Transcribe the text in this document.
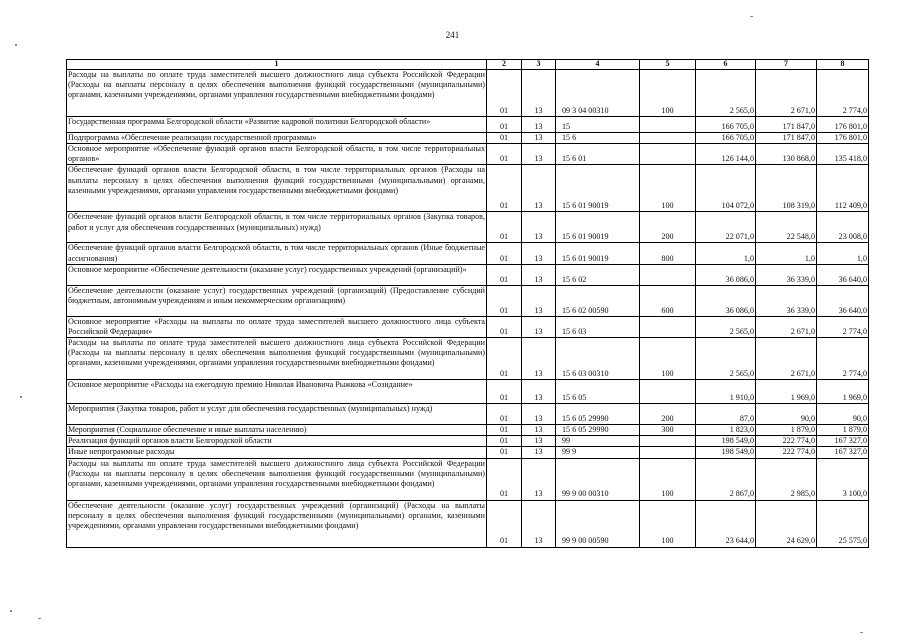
241
1	2	3	4	5	6	7	8
Расходы на выплаты по оплате труда заместителей высшего должностного лица субъекта Российской Федерации (Расходы на выплаты персоналу в целях обеспечения выполнения функций государственными (муниципальными) органами, казенными учреждениями, органами управления государственными внебюджетными фондами)	01	13	09 3 04 00310	100	2 565,0	2 671,0	2 774,0
Государственная программа Белгородской области «Развитие кадровой политики Белгородской области»	01	13	15		166 705,0	171 847,0	176 801,0
Подпрограмма «Обеспечение реализации государственной программы»	01	13	15 6		166 705,0	171 847,0	176 801,0
Основное мероприятие «Обеспечение функций органов власти Белгородской области, в том числе территориальных органов»	01	13	15 6 01		126 144,0	130 868,0	135 418,0
Обеспечение функций органов власти Белгородской области, в том числе территориальных органов (Расходы на выплаты персоналу в целях обеспечения выполнения функций государственными (муниципальными) органами, казенными учреждениями, органами управления государственными внебюджетными фондами)	01	13	15 6 01 90019	100	104 072,0	108 319,0	112 409,0
Обеспечение функций органов власти Белгородской области, в том числе территориальных органов (Закупка товаров, работ и услуг для обеспечения государственных (муниципальных) нужд)	01	13	15 6 01 90019	200	22 071,0	22 548,0	23 008,0
Обеспечение функций органов власти Белгородской области, в том числе территориальных органов (Иные бюджетные ассигнования)	01	13	15 6 01 90019	800	1,0	1,0	1,0
Основное мероприятие «Обеспечение деятельности (оказание услуг) государственных учреждений (организаций)»	01	13	15 6 02		36 086,0	36 339,0	36 640,0
Обеспечение деятельности (оказание услуг) государственных учреждений (организаций) (Предоставление субсидий бюджетным, автономным учреждениям и иным некоммерческим организациям)	01	13	15 6 02 00590	600	36 086,0	36 339,0	36 640,0
Основное мероприятие «Расходы на выплаты по оплате труда заместителей высшего должностного лица субъекта Российской Федерации»	01	13	15 6 03		2 565,0	2 671,0	2 774,0
Расходы на выплаты по оплате труда заместителей высшего должностного лица субъекта Российской Федерации (Расходы на выплаты персоналу в целях обеспечения выполнения функций государственными (муниципальными) органами, казенными учреждениями, органами управления государственными внебюджетными фондами)	01	13	15 6 03 00310	100	2 565,0	2 671,0	2 774,0
Основное мероприятие «Расходы на ежегодную премию Николая Ивановича Рыжкова «Созидание»	01	13	15 6 05		1 910,0	1 969,0	1 969,0
Мероприятия (Закупка товаров, работ и услуг для обеспечения государственных (муниципальных) нужд)	01	13	15 6 05 29990	200	87,0	90,0	90,0
Мероприятия (Социальное обеспечение и иные выплаты населению)	01	13	15 6 05 29990	300	1 823,0	1 879,0	1 879,0
Реализация функций органов власти Белгородской области	01	13	99		198 549,0	222 774,0	167 327,0
Иные непрограммные расходы	01	13	99 9		198 549,0	222 774,0	167 327,0
Расходы на выплаты по оплате труда заместителей высшего должностного лица субъекта Российской Федерации (Расходы на выплаты персоналу в целях обеспечения выполнения функций государственными (муниципальными) органами, казенными учреждениями, органами управления государственными внебюджетными фондами)	01	13	99 9 00 00310	100	2 867,0	2 985,0	3 100,0
Обеспечение деятельности (оказание услуг) государственных учреждений (организаций) (Расходы на выплаты персоналу в целях обеспечения выполнения функций государственными (муниципальными) органами, казенными учреждениями, органами управления государственными внебюджетными фондами)	01	13	99 9 00 00590	100	23 644,0	24 629,0	25 575,0
